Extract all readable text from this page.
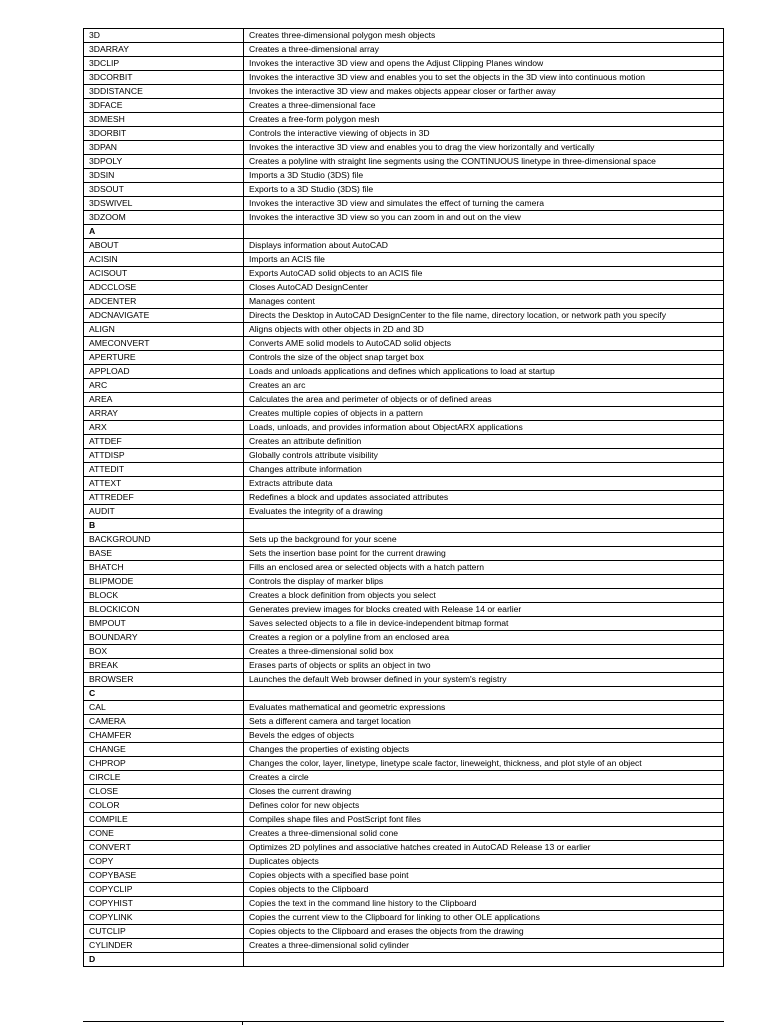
3D	Creates three-dimensional polygon mesh objects
3DARRAY	Creates a three-dimensional array
3DCLIP	Invokes the interactive 3D view and opens the Adjust Clipping Planes window
3DCORBIT	Invokes the interactive 3D view and enables you to set the objects in the 3D view into continuous motion
3DDISTANCE	Invokes the interactive 3D view and makes objects appear closer or farther away
3DFACE	Creates a three-dimensional face
3DMESH	Creates a free-form polygon mesh
3DORBIT	Controls the interactive viewing of objects in 3D
3DPAN	Invokes the interactive 3D view and enables you to drag the view horizontally and vertically
3DPOLY	Creates a polyline with straight line segments using the CONTINUOUS linetype in three-dimensional space
3DSIN	Imports a 3D Studio (3DS) file
3DSOUT	Exports to a 3D Studio (3DS) file
3DSWIVEL	Invokes the interactive 3D view and simulates the effect of turning the camera
3DZOOM	Invokes the interactive 3D view so you can zoom in and out on the view
A	
ABOUT	Displays information about AutoCAD
ACISIN	Imports an ACIS file
ACISOUT	Exports AutoCAD solid objects to an ACIS file
ADCCLOSE	Closes AutoCAD DesignCenter
ADCENTER	Manages content
ADCNAVIGATE	Directs the Desktop in AutoCAD DesignCenter to the file name, directory location, or network path you specify
ALIGN	Aligns objects with other objects in 2D and 3D
AMECONVERT	Converts AME solid models to AutoCAD solid objects
APERTURE	Controls the size of the object snap target box
APPLOAD	Loads and unloads applications and defines which applications to load at startup
ARC	Creates an arc
AREA	Calculates the area and perimeter of objects or of defined areas
ARRAY	Creates multiple copies of objects in a pattern
ARX	Loads, unloads, and provides information about ObjectARX applications
ATTDEF	Creates an attribute definition
ATTDISP	Globally controls attribute visibility
ATTEDIT	Changes attribute information
ATTEXT	Extracts attribute data
ATTREDEF	Redefines a block and updates associated attributes
AUDIT	Evaluates the integrity of a drawing
B	
BACKGROUND	Sets up the background for your scene
BASE	Sets the insertion base point for the current drawing
BHATCH	Fills an enclosed area or selected objects with a hatch pattern
BLIPMODE	Controls the display of marker blips
BLOCK	Creates a block definition from objects you select
BLOCKICON	Generates preview images for blocks created with Release 14 or earlier
BMPOUT	Saves selected objects to a file in device-independent bitmap format
BOUNDARY	Creates a region or a polyline from an enclosed area
BOX	Creates a three-dimensional solid box
BREAK	Erases parts of objects or splits an object in two
BROWSER	Launches the default Web browser defined in your system's registry
C	
CAL	Evaluates mathematical and geometric expressions
CAMERA	Sets a different camera and target location
CHAMFER	Bevels the edges of objects
CHANGE	Changes the properties of existing objects
CHPROP	Changes the color, layer, linetype, linetype scale factor, lineweight, thickness, and plot style of an object
CIRCLE	Creates a circle
CLOSE	Closes the current drawing
COLOR	Defines color for new objects
COMPILE	Compiles shape files and PostScript font files
CONE	Creates a three-dimensional solid cone
CONVERT	Optimizes 2D polylines and associative hatches created in AutoCAD Release 13 or earlier
COPY	Duplicates objects
COPYBASE	Copies objects with a specified base point
COPYCLIP	Copies objects to the Clipboard
COPYHIST	Copies the text in the command line history to the Clipboard
COPYLINK	Copies the current view to the Clipboard for linking to other OLE applications
CUTCLIP	Copies objects to the Clipboard and erases the objects from the drawing
CYLINDER	Creates a three-dimensional solid cylinder
D	
